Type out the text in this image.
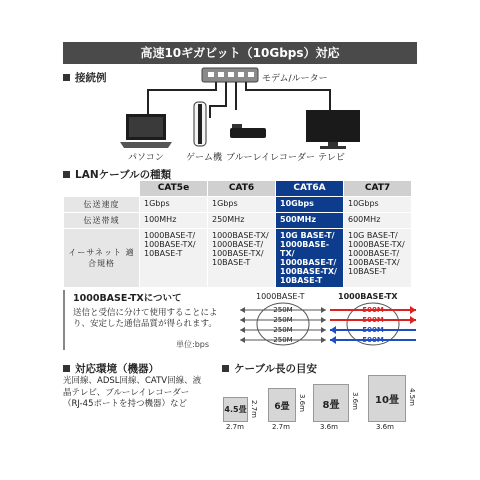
高速10ギガビット（10Gbps）対応
接続例	モデム/ルーター
パソコン ゲーム機 ブルーレイレコーダー テレビ
LANケーブルの種類
	CAT5e	CAT6	CAT6A	CAT7
伝送速度	1Gbps	1Gbps	10Gbps	10Gbps
伝送帯域	100MHz	250MHz	500MHz	600MHz
イーサネット 適合規格	1000BASE-T/ 100BASE-TX/ 10BASE-T	1000BASE-TX/ 1000BASE-T/ 100BASE-TX/ 10BASE-T	10G BASE-T/ 1000BASE-TX/ 1000BASE-T/ 100BASE-TX/ 10BASE-T	10G BASE-T/ 1000BASE-TX/ 1000BASE-T/ 100BASE-TX/ 10BASE-T
1000BASE-TXについて
送信と受信に分けて使用することにより、安定した通信品質が得られます。
単位:bps
1000BASE-T	1000BASE-TX
250M
250M
250M
250M
500M
500M
500M
500M
対応環境（機器）
光回線、ADSL回線、CATV回線、液晶テレビ、ブルーレイレコーダー（RJ-45ポートを持つ機器）など
ケーブル長の目安
4.5畳 2.7m
2.7m
6畳	3.6m
2.7m
8畳	3.6m
3.6m
10畳	4.5m
3.6m
